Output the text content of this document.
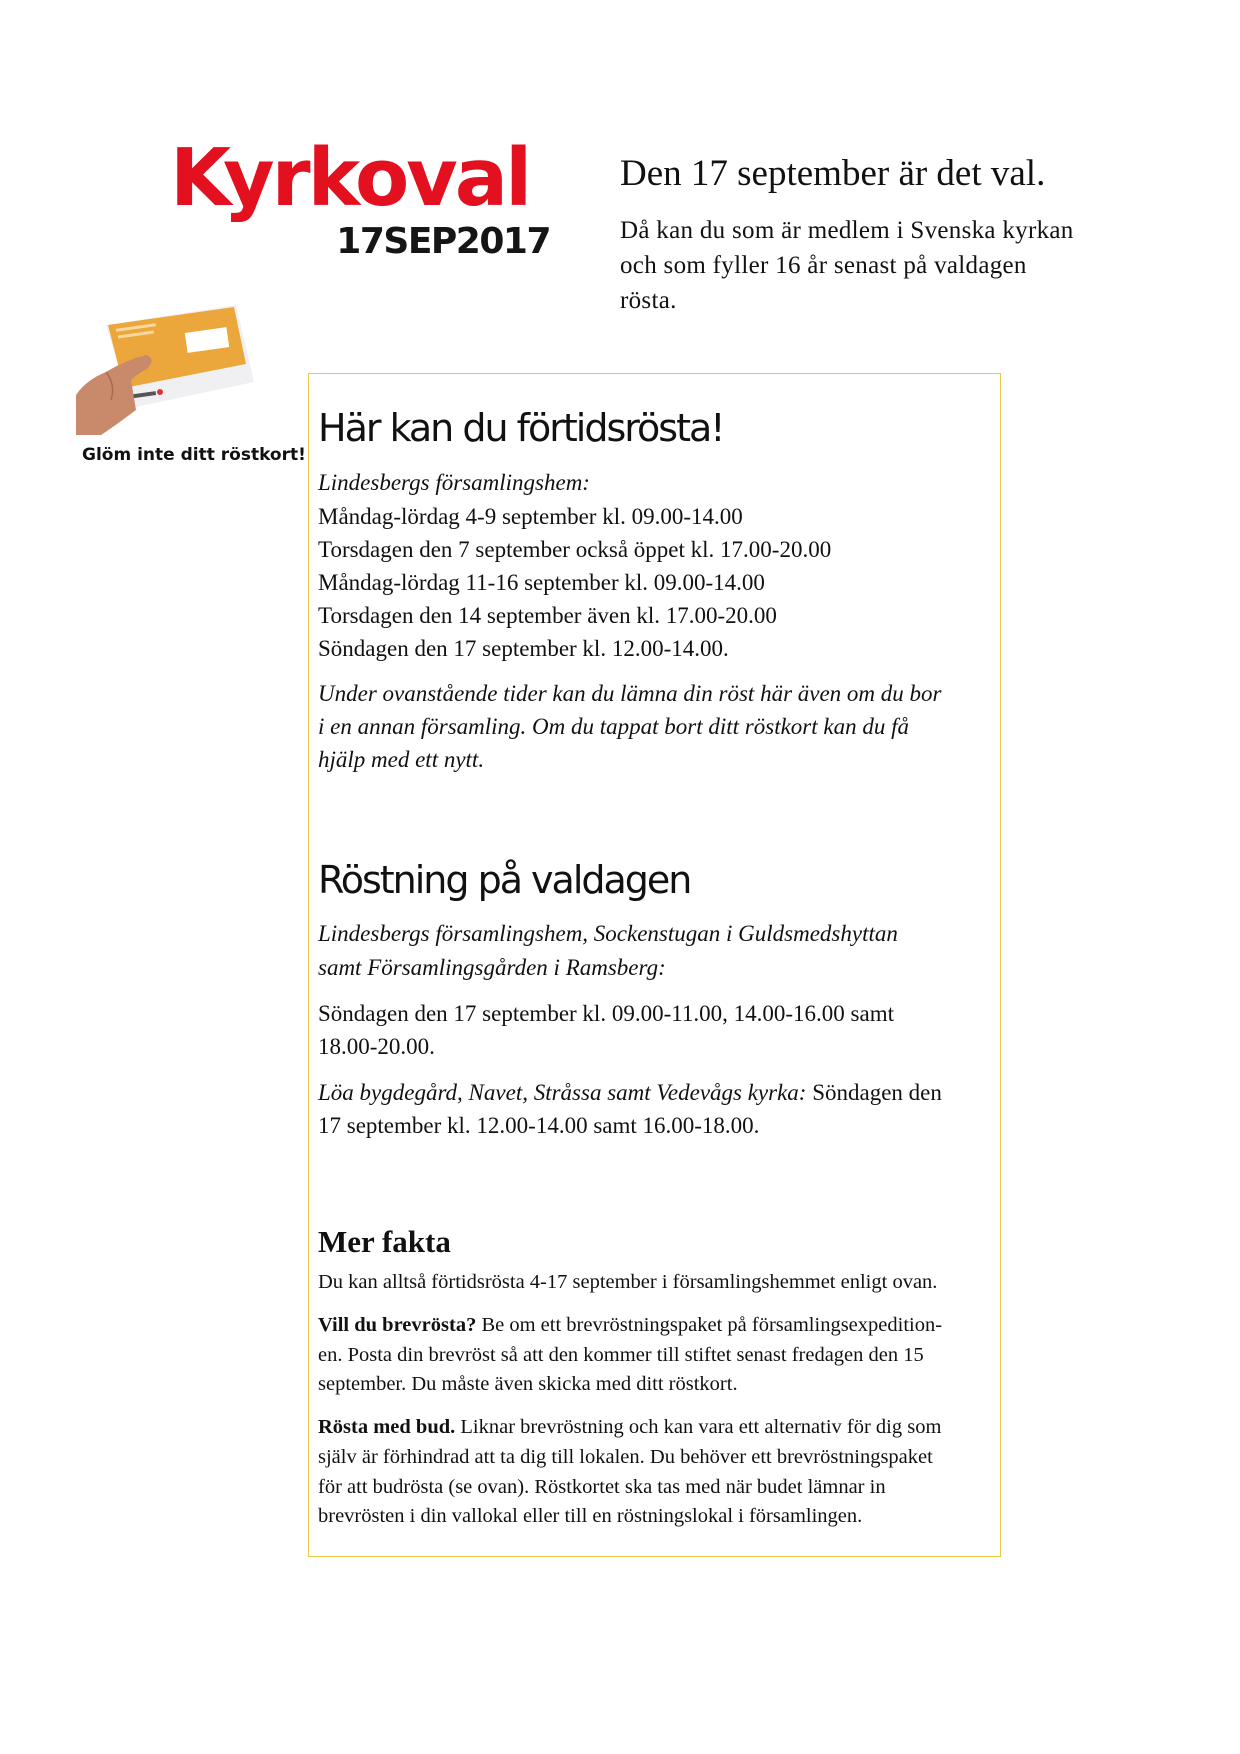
Kyrkoval
17SEP2017
Den 17 september är det val.
Då kan du som är medlem i Svenska kyrkan
och som fyller 16 år senast på valdagen
rösta.
Glöm inte ditt röstkort!
Här kan du förtidsrösta!
Lindesbergs församlingshem:
Måndag-lördag 4-9 september kl. 09.00-14.00
Torsdagen den 7 september också öppet kl. 17.00-20.00
Måndag-lördag 11-16 september kl. 09.00-14.00
Torsdagen den 14 september även kl. 17.00-20.00
Söndagen den 17 september kl. 12.00-14.00.
Under ovanstående tider kan du lämna din röst här även om du bor
i en annan församling. Om du tappat bort ditt röstkort kan du få
hjälp med ett nytt.
Röstning på valdagen
Lindesbergs församlingshem, Sockenstugan i Guldsmedshyttan
samt Församlingsgården i Ramsberg:
Söndagen den 17 september kl. 09.00-11.00, 14.00-16.00 samt
18.00-20.00.
Löa bygdegård, Navet, Stråssa samt Vedevågs kyrka: Söndagen den
17 september kl. 12.00-14.00 samt 16.00-18.00.
Mer fakta
Du kan alltså förtidsrösta 4-17 september i församlingshemmet enligt ovan.
Vill du brevrösta? Be om ett brevröstningspaket på församlingsexpedition-
en. Posta din brevröst så att den kommer till stiftet senast fredagen den 15
september. Du måste även skicka med ditt röstkort.
Rösta med bud. Liknar brevröstning och kan vara ett alternativ för dig som
själv är förhindrad att ta dig till lokalen. Du behöver ett brevröstningspaket
för att budrösta (se ovan). Röstkortet ska tas med när budet lämnar in
brevrösten i din vallokal eller till en röstningslokal i församlingen.
